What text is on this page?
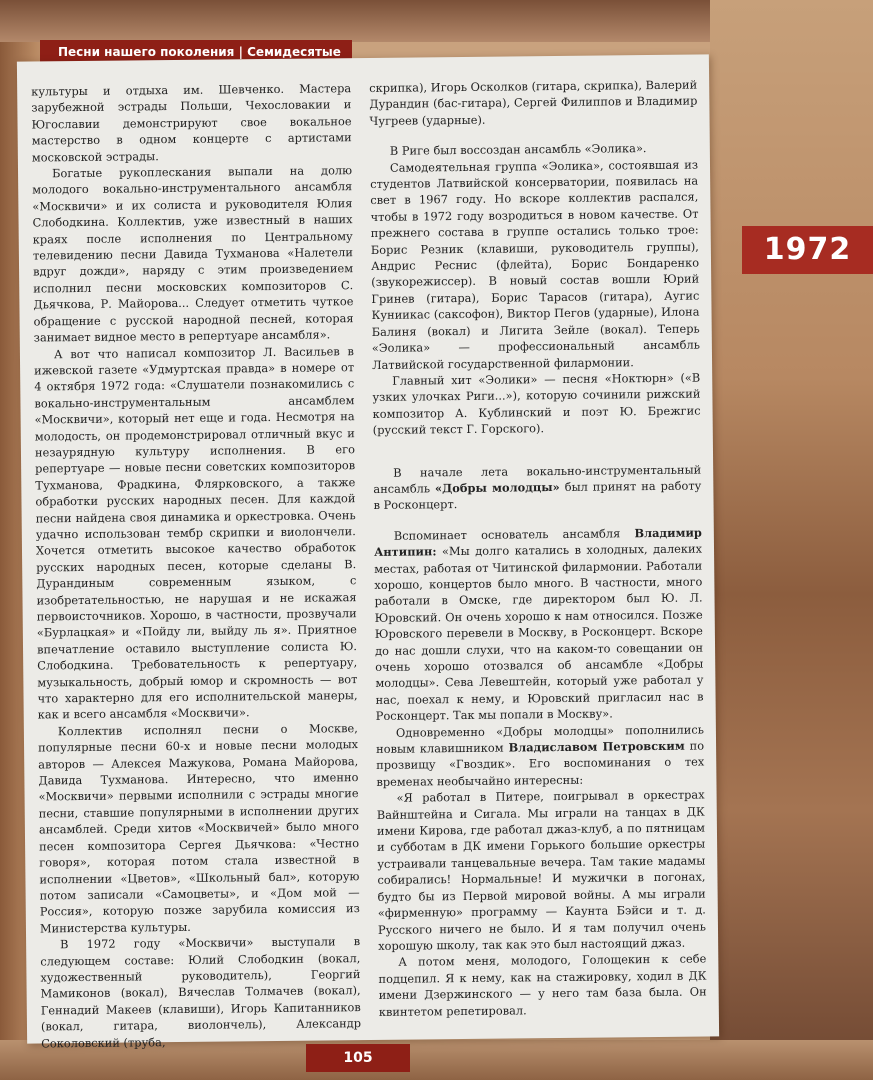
Песни нашего поколения | Семидесятые

культуры и отдыха им. Шевченко. Мастера зарубежной эстрады Польши, Чехословакии и Югославии демонстрируют свое вокальное мастерство в одном концерте с артистами московской эстрады.

Богатые рукоплескания выпали на долю молодого вокально-инструментального ансамбля «Москвичи» и их солиста и руководителя Юлия Слободкина. Коллектив, уже известный в наших краях после исполнения по Центральному телевидению песни Давида Тухманова «Налетели вдруг дожди», наряду с этим произведением исполнил песни московских композиторов С. Дьячкова, Р. Майорова... Следует отметить чуткое обращение с русской народной песней, которая занимает видное место в репертуаре ансамбля».

А вот что написал композитор Л. Васильев в ижевской газете «Удмуртская правда» в номере от 4 октября 1972 года: «Слушатели познакомились с вокально-инструментальным ансамблем «Москвичи», который нет еще и года. Несмотря на молодость, он продемонстрировал отличный вкус и незаурядную культуру исполнения. В его репертуаре — новые песни советских композиторов Тухманова, Фрадкина, Флярковского, а также обработки русских народных песен. Для каждой песни найдена своя динамика и оркестровка. Очень удачно использован тембр скрипки и виолончели. Хочется отметить высокое качество обработок русских народных песен, которые сделаны В. Дурандиным современным языком, с изобретательностью, не нарушая и не искажая первоисточников. Хорошо, в частности, прозвучали «Бурлацкая» и «Пойду ли, выйду ль я». Приятное впечатление оставило выступление солиста Ю. Слободкина. Требовательность к репертуару, музыкальность, добрый юмор и скромность — вот что характерно для его исполнительской манеры, как и всего ансамбля «Москвичи».

Коллектив исполнял песни о Москве, популярные песни 60-х и новые песни молодых авторов — Алексея Мажукова, Романа Майорова, Давида Тухманова. Интересно, что именно «Москвичи» первыми исполнили с эстрады многие песни, ставшие популярными в исполнении других ансамблей. Среди хитов «Москвичей» было много песен композитора Сергея Дьячкова: «Честно говоря», которая потом стала известной в исполнении «Цветов», «Школьный бал», которую потом записали «Самоцветы», и «Дом мой — Россия», которую позже зарубила комиссия из Министерства культуры.

В 1972 году «Москвичи» выступали в следующем составе: Юлий Слободкин (вокал, художественный руководитель), Георгий Мамиконов (вокал), Вячеслав Толмачев (вокал), Геннадий Макеев (клавиши), Игорь Капитанников (вокал, гитара, виолончель), Александр Соколовский (труба,

скрипка), Игорь Осколков (гитара, скрипка), Валерий Дурандин (бас-гитара), Сергей Филиппов и Владимир Чугреев (ударные).

В Риге был воссоздан ансамбль «Эолика».

Самодеятельная группа «Эолика», состоявшая из студентов Латвийской консерватории, появилась на свет в 1967 году. Но вскоре коллектив распался, чтобы в 1972 году возродиться в новом качестве. От прежнего состава в группе остались только трое: Борис Резник (клавиши, руководитель группы), Андрис Реснис (флейта), Борис Бондаренко (звукорежиссер). В новый состав вошли Юрий Гринев (гитара), Борис Тарасов (гитара), Аугис Куниикас (саксофон), Виктор Пегов (ударные), Илона Балиня (вокал) и Лигита Зейле (вокал). Теперь «Эолика» — профессиональный ансамбль Латвийской государственной филармонии.

Главный хит «Эолики» — песня «Ноктюрн» («В узких улочках Риги...»), которую сочинили рижский композитор А. Кублинский и поэт Ю. Брежгис (русский текст Г. Горского).

В начале лета вокально-инструментальный ансамбль «Добры молодцы» был принят на работу в Росконцерт.

Вспоминает основатель ансамбля Владимир Антипин: «Мы долго катались в холодных, далеких местах, работая от Читинской филармонии. Работали хорошо, концертов было много. В частности, много работали в Омске, где директором был Ю. Л. Юровский. Он очень хорошо к нам относился. Позже Юровского перевели в Москву, в Росконцерт. Вскоре до нас дошли слухи, что на каком-то совещании он очень хорошо отозвался об ансамбле «Добры молодцы». Сева Левештейн, который уже работал у нас, поехал к нему, и Юровский пригласил нас в Росконцерт. Так мы попали в Москву».

Одновременно «Добры молодцы» пополнились новым клавишником Владиславом Петровским по прозвищу «Гвоздик». Его воспоминания о тех временах необычайно интересны:

«Я работал в Питере, поигрывал в оркестрах Вайнштейна и Сигала. Мы играли на танцах в ДК имени Кирова, где работал джаз-клуб, а по пятницам и субботам в ДК имени Горького большие оркестры устраивали танцевальные вечера. Там такие мадамы собирались! Нормальные! И мужички в погонах, будто бы из Первой мировой войны. А мы играли «фирменную» программу — Каунта Бэйси и т. д. Русского ничего не было. И я там получил очень хорошую школу, так как это был настоящий джаз.

А потом меня, молодого, Голощекин к себе подцепил. Я к нему, как на стажировку, ходил в ДК имени Дзержинского — у него там база была. Он квинтетом репетировал.

1972
105
